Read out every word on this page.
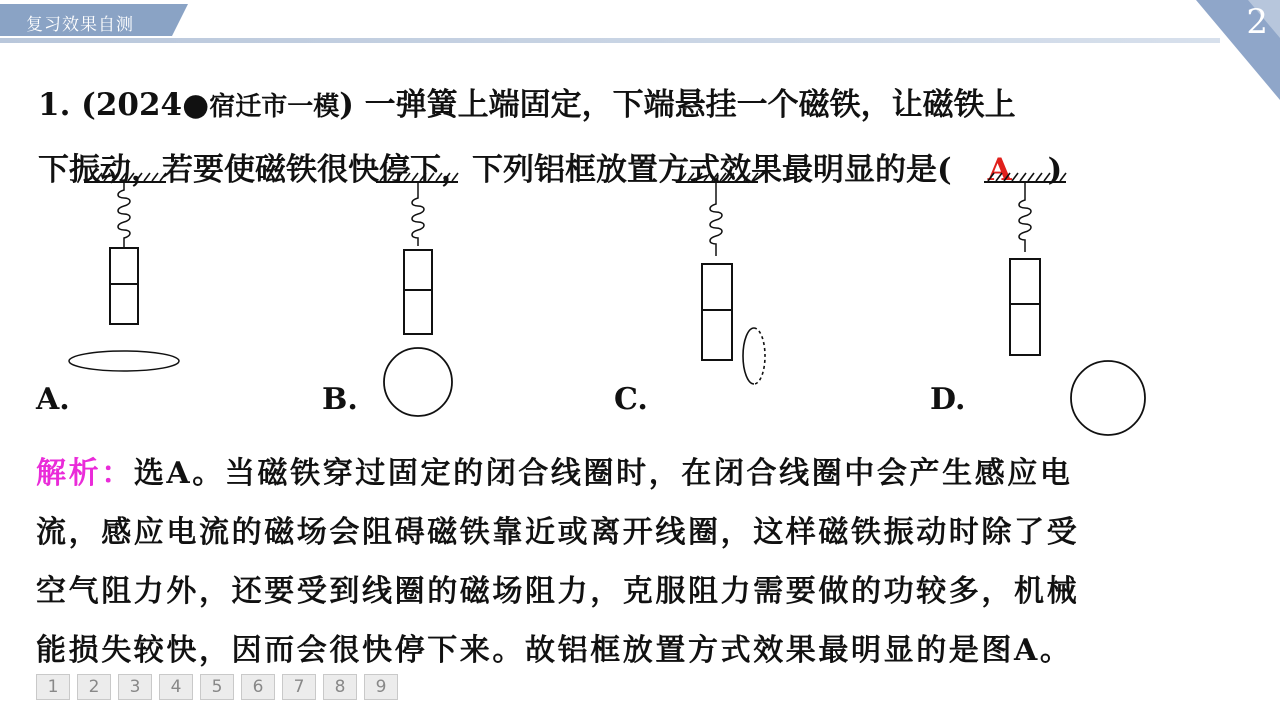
复习效果自测	2
1. (2024●宿迁市一模) 一弹簧上端固定，下端悬挂一个磁铁，让磁铁上
下振动，若要使磁铁很快停下，下列铝框放置方式效果最明显的是( A )
A.	B.	C.	D.
解析：选A。当磁铁穿过固定的闭合线圈时，在闭合线圈中会产生感应电
流，感应电流的磁场会阻碍磁铁靠近或离开线圈，这样磁铁振动时除了受
空气阻力外，还要受到线圈的磁场阻力，克服阻力需要做的功较多，机械
能损失较快，因而会很快停下来。故铝框放置方式效果最明显的是图A。
1	2	3	4	5	6	7	8	9
